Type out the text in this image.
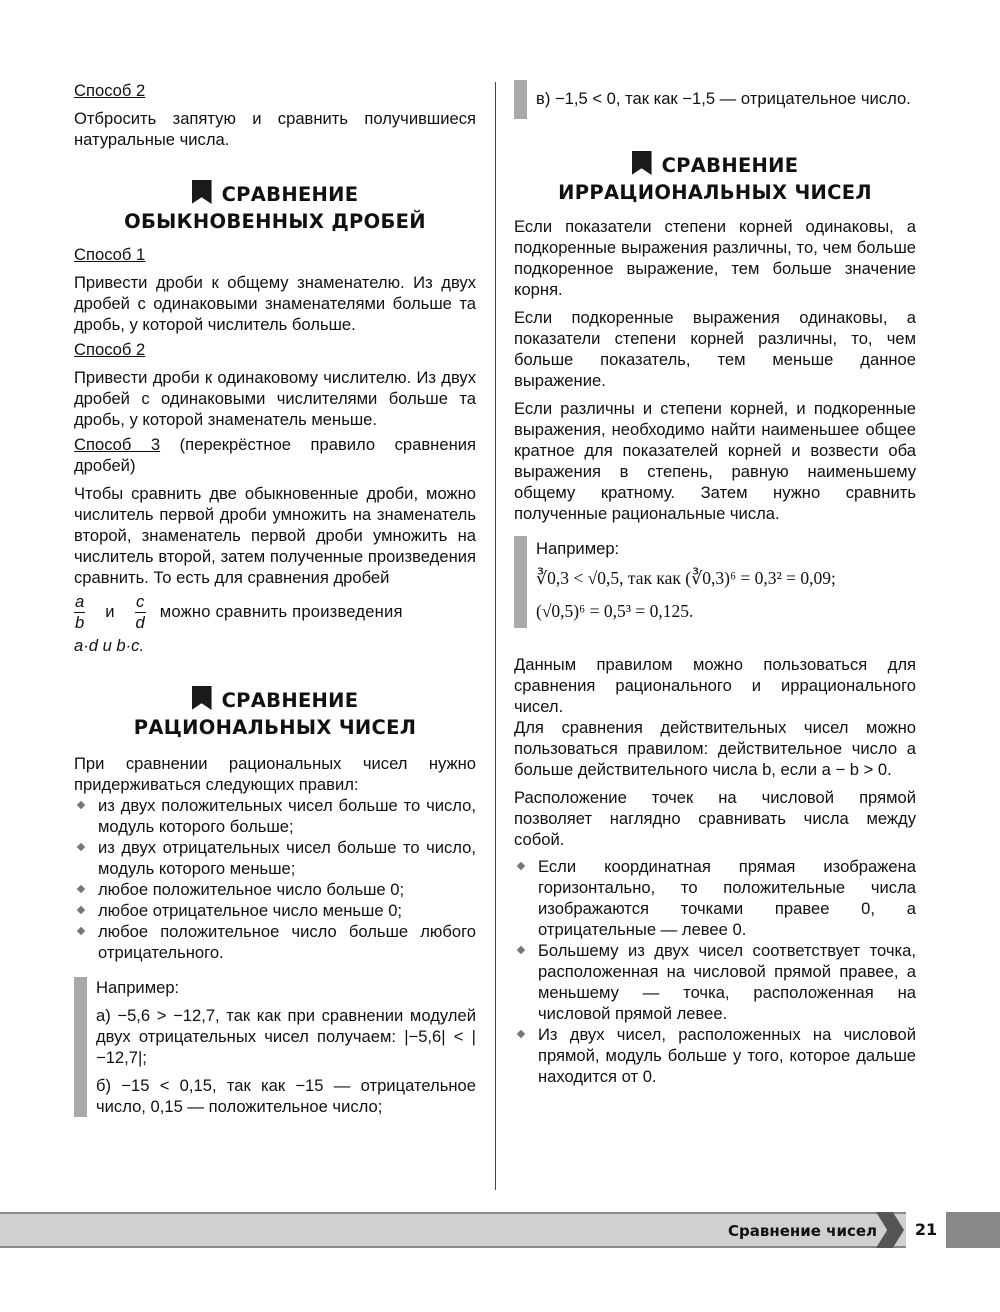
Способ 2

Отбросить запятую и сравнить получившиеся натуральные числа.

СРАВНЕНИЕ
ОБЫКНОВЕННЫХ ДРОБЕЙ

Способ 1

Привести дроби к общему знаменателю. Из двух дробей с одинаковыми знаменателями больше та дробь, у которой числитель больше.

Способ 2

Привести дроби к одинаковому числителю. Из двух дробей с одинаковыми числителями больше та дробь, у которой знаменатель меньше.

Способ 3 (перекрёстное правило сравнения дробей)

Чтобы сравнить две обыкновенные дроби, можно числитель первой дроби умножить на знаменатель второй, знаменатель первой дроби умножить на числитель второй, затем полученные произведения сравнить. То есть для сравнения дробей

$\frac{a}{b}$ и $\frac{c}{d}$ можно сравнить произведения

a·d и b·c.

СРАВНЕНИЕ
РАЦИОНАЛЬНЫХ ЧИСЕЛ

При сравнении рациональных чисел нужно придерживаться следующих правил:

из двух положительных чисел больше то число, модуль которого больше;
из двух отрицательных чисел больше то число, модуль которого меньше;
любое положительное число больше 0;
любое отрицательное число меньше 0;
любое положительное число больше любого отрицательного.

Например:

а) −5,6 > −12,7, так как при сравнении модулей двух отрицательных чисел получаем: |−5,6| < |−12,7|;

б) −15 < 0,15, так как −15 — отрицательное число, 0,15 — положительное число;

в) −1,5 < 0, так как −1,5 — отрицательное число.

СРАВНЕНИЕ
ИРРАЦИОНАЛЬНЫХ ЧИСЕЛ

Если показатели степени корней одинаковы, а подкоренные выражения различны, то, чем больше подкоренное выражение, тем больше значение корня.

Если подкоренные выражения одинаковы, а показатели степени корней различны, то, чем больше показатель, тем меньше данное выражение.

Если различны и степени корней, и подкоренные выражения, необходимо найти наименьшее общее кратное для показателей корней и возвести оба выражения в степень, равную наименьшему общему кратному. Затем нужно сравнить полученные рациональные числа.

Например:

∛0,3 < √0,5, так как (∛0,3)⁶ = 0,3² = 0,09;

(√0,5)⁶ = 0,5³ = 0,125.

Данным правилом можно пользоваться для сравнения рационального и иррационального чисел.

Для сравнения действительных чисел можно пользоваться правилом: действительное число a больше действительного числа b, если a − b > 0.

Расположение точек на числовой прямой позволяет наглядно сравнивать числа между собой.

Если координатная прямая изображена горизонтально, то положительные числа изображаются точками правее 0, а отрицательные — левее 0.
Большему из двух чисел соответствует точка, расположенная на числовой прямой правее, а меньшему — точка, расположенная на числовой прямой левее.
Из двух чисел, расположенных на числовой прямой, модуль больше у того, которое дальше находится от 0.
Сравнение чисел	21
